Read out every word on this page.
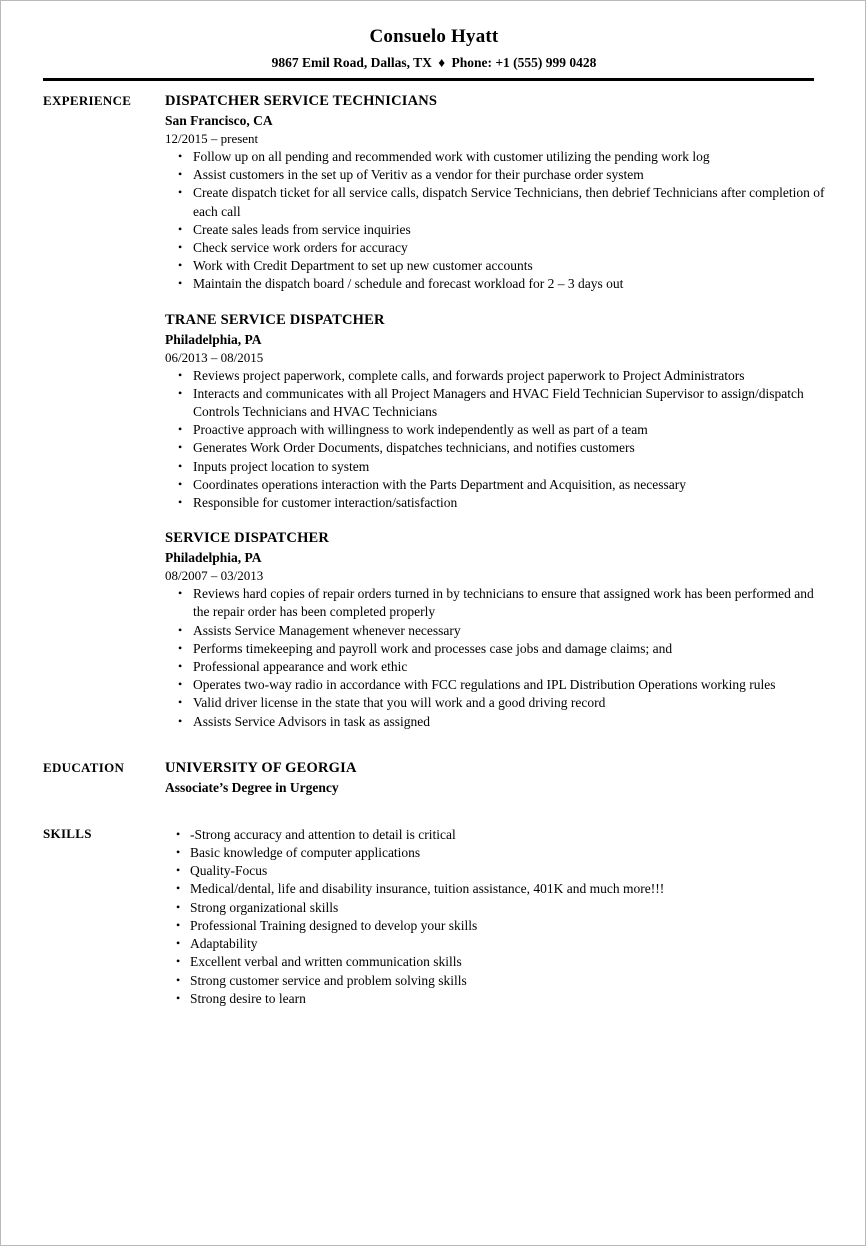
Consuelo Hyatt
9867 Emil Road, Dallas, TX ♦ Phone: +1 (555) 999 0428
EXPERIENCE	DISPATCHER SERVICE TECHNICIANS
San Francisco, CA
12/2015 – present
• Follow up on all pending and recommended work with customer utilizing the pending work log
• Assist customers in the set up of Veritiv as a vendor for their purchase order system
• Create dispatch ticket for all service calls, dispatch Service Technicians, then debrief Technicians after completion of each call
• Create sales leads from service inquiries
• Check service work orders for accuracy
• Work with Credit Department to set up new customer accounts
• Maintain the dispatch board / schedule and forecast workload for 2 – 3 days out
TRANE SERVICE DISPATCHER
Philadelphia, PA
06/2013 – 08/2015
• Reviews project paperwork, complete calls, and forwards project paperwork to Project Administrators
• Interacts and communicates with all Project Managers and HVAC Field Technician Supervisor to assign/dispatch Controls Technicians and HVAC Technicians
• Proactive approach with willingness to work independently as well as part of a team
• Generates Work Order Documents, dispatches technicians, and notifies customers
• Inputs project location to system
• Coordinates operations interaction with the Parts Department and Acquisition, as necessary
• Responsible for customer interaction/satisfaction
SERVICE DISPATCHER
Philadelphia, PA
08/2007 – 03/2013
• Reviews hard copies of repair orders turned in by technicians to ensure that assigned work has been performed and the repair order has been completed properly
• Assists Service Management whenever necessary
• Performs timekeeping and payroll work and processes case jobs and damage claims; and
• Professional appearance and work ethic
• Operates two-way radio in accordance with FCC regulations and IPL Distribution Operations working rules
• Valid driver license in the state that you will work and a good driving record
• Assists Service Advisors in task as assigned
EDUCATION	UNIVERSITY OF GEORGIA
Associate’s Degree in Urgency
SKILLS	• -Strong accuracy and attention to detail is critical
• Basic knowledge of computer applications
• Quality-Focus
• Medical/dental, life and disability insurance, tuition assistance, 401K and much more!!!
• Strong organizational skills
• Professional Training designed to develop your skills
• Adaptability
• Excellent verbal and written communication skills
• Strong customer service and problem solving skills
• Strong desire to learn
